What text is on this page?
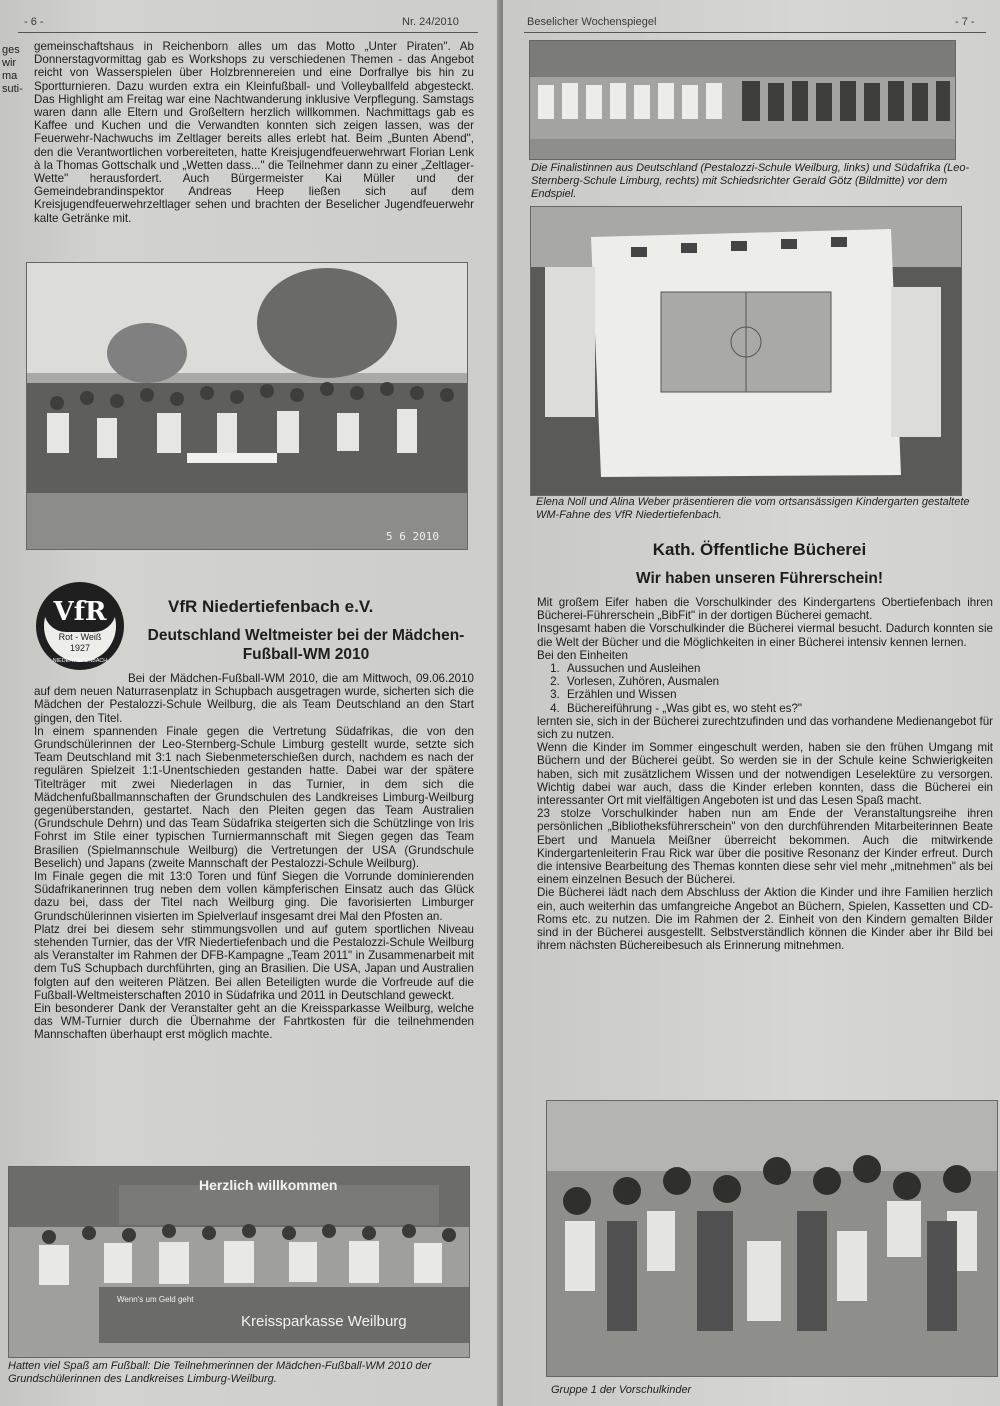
- 6 -	Nr. 24/2010
ges
wir
ma
suti-

gemeinschaftshaus in Reichenborn alles um das Motto „Unter Piraten". Ab Donnerstagvormittag gab es Workshops zu verschiedenen Themen - das Angebot reicht von Wasserspielen über Holzbrennereien und eine Dorfrallye bis hin zu Sportturnieren. Dazu wurden extra ein Kleinfußball- und Volleyballfeld abgesteckt. Das Highlight am Freitag war eine Nachtwanderung inklusive Verpflegung. Samstags waren dann alle Eltern und Großeltern herzlich willkommen. Nachmittags gab es Kaffee und Kuchen und die Verwandten konnten sich zeigen lassen, was der Feuerwehr-Nachwuchs im Zeltlager bereits alles erlebt hat. Beim „Bunten Abend", den die Verantwortlichen vorbereiteten, hatte Kreisjugendfeuerwehrwart Florian Lenk à la Thomas Gottschalk und „Wetten dass..." die Teilnehmer dann zu einer „Zeltlager-Wette" herausfordert. Auch Bürgermeister Kai Müller und der Gemeindebrandinspektor Andreas Heep ließen sich auf dem Kreisjugendfeuerwehrzeltlager sehen und brachten der Beselicher Jugendfeuerwehr kalte Getränke mit.

5 6 2010
VfR
Rot - Weiß
1927
NIEDERTIEFENBACH
VfR Niedertiefenbach e.V.
Deutschland Weltmeister bei der Mädchen-Fußball-WM 2010

Bei der Mädchen-Fußball-WM 2010, die am Mittwoch, 09.06.2010 auf dem neuen Naturrasenplatz in Schupbach ausgetragen wurde, sicherten sich die Mädchen der Pestalozzi-Schule Weilburg, die als Team Deutschland an den Start gingen, den Titel.

In einem spannenden Finale gegen die Vertretung Südafrikas, die von den Grundschülerinnen der Leo-Sternberg-Schule Limburg gestellt wurde, setzte sich Team Deutschland mit 3:1 nach Siebenmeterschießen durch, nachdem es nach der regulären Spielzeit 1:1-Unentschieden gestanden hatte. Dabei war der spätere Titelträger mit zwei Niederlagen in das Turnier, in dem sich die Mädchenfußballmannschaften der Grundschulen des Landkreises Limburg-Weilburg gegenüberstanden, gestartet. Nach den Pleiten gegen das Team Australien (Grundschule Dehrn) und das Team Südafrika steigerten sich die Schützlinge von Iris Fohrst im Stile einer typischen Turniermannschaft mit Siegen gegen das Team Brasilien (Spielmannschule Weilburg) die Vertretungen der USA (Grundschule Beselich) und Japans (zweite Mannschaft der Pestalozzi-Schule Weilburg).

Im Finale gegen die mit 13:0 Toren und fünf Siegen die Vorrunde dominierenden Südafrikanerinnen trug neben dem vollen kämpferischen Einsatz auch das Glück dazu bei, dass der Titel nach Weilburg ging. Die favorisierten Limburger Grundschülerinnen visierten im Spielverlauf insgesamt drei Mal den Pfosten an.

Platz drei bei diesem sehr stimmungsvollen und auf gutem sportlichen Niveau stehenden Turnier, das der VfR Niedertiefenbach und die Pestalozzi-Schule Weilburg als Veranstalter im Rahmen der DFB-Kampagne „Team 2011" in Zusammenarbeit mit dem TuS Schupbach durchführten, ging an Brasilien. Die USA, Japan und Australien folgten auf den weiteren Plätzen. Bei allen Beteiligten wurde die Vorfreude auf die Fußball-Weltmeisterschaften 2010 in Südafrika und 2011 in Deutschland geweckt.

Ein besonderer Dank der Veranstalter geht an die Kreissparkasse Weilburg, welche das WM-Turnier durch die Übernahme der Fahrtkosten für die teilnehmenden Mannschaften überhaupt erst möglich machte.

Herzlich willkommen
Kreissparkasse Weilburg
Wenn's um Geld geht
Hatten viel Spaß am Fußball: Die Teilnehmerinnen der Mädchen-Fußball-WM 2010 der Grundschülerinnen des Landkreises Limburg-Weilburg.
Beselicher Wochenspiegel	- 7 -
Die Finalistinnen aus Deutschland (Pestalozzi-Schule Weilburg, links) und Südafrika (Leo-Sternberg-Schule Limburg, rechts) mit Schiedsrichter Gerald Götz (Bildmitte) vor dem Endspiel.
Elena Noll und Alina Weber präsentieren die vom ortsansässigen Kindergarten gestaltete WM-Fahne des VfR Niedertiefenbach.
Kath. Öffentliche Bücherei
Wir haben unseren Führerschein!

Mit großem Eifer haben die Vorschulkinder des Kindergartens Obertiefenbach ihren Bücherei-Führerschein „BibFit" in der dortigen Bücherei gemacht.

Insgesamt haben die Vorschulkinder die Bücherei viermal besucht. Dadurch konnten sie die Welt der Bücher und die Möglichkeiten in einer Bücherei intensiv kennen lernen.

Bei den Einheiten

1. Aussuchen und Ausleihen
2. Vorlesen, Zuhören, Ausmalen
3. Erzählen und Wissen
4. Büchereiführung - „Was gibt es, wo steht es?"

lernten sie, sich in der Bücherei zurechtzufinden und das vorhandene Medienangebot für sich zu nutzen.

Wenn die Kinder im Sommer eingeschult werden, haben sie den frühen Umgang mit Büchern und der Bücherei geübt. So werden sie in der Schule keine Schwierigkeiten haben, sich mit zusätzlichem Wissen und der notwendigen Leselektüre zu versorgen. Wichtig dabei war auch, dass die Kinder erleben konnten, dass die Bücherei ein interessanter Ort mit vielfältigen Angeboten ist und das Lesen Spaß macht.

23 stolze Vorschulkinder haben nun am Ende der Veranstaltungsreihe ihren persönlichen „Bibliotheksführerschein" von den durchführenden Mitarbeiterinnen Beate Ebert und Manuela Meißner überreicht bekommen. Auch die mitwirkende Kindergartenleiterin Frau Rick war über die positive Resonanz der Kinder erfreut. Durch die intensive Bearbeitung des Themas konnten diese sehr viel mehr „mitnehmen" als bei einem einzelnen Besuch der Bücherei.

Die Bücherei lädt nach dem Abschluss der Aktion die Kinder und ihre Familien herzlich ein, auch weiterhin das umfangreiche Angebot an Büchern, Spielen, Kassetten und CD-Roms etc. zu nutzen. Die im Rahmen der 2. Einheit von den Kindern gemalten Bilder sind in der Bücherei ausgestellt. Selbstverständlich können die Kinder aber ihr Bild bei ihrem nächsten Büchereibesuch als Erinnerung mitnehmen.

Gruppe 1 der Vorschulkinder
